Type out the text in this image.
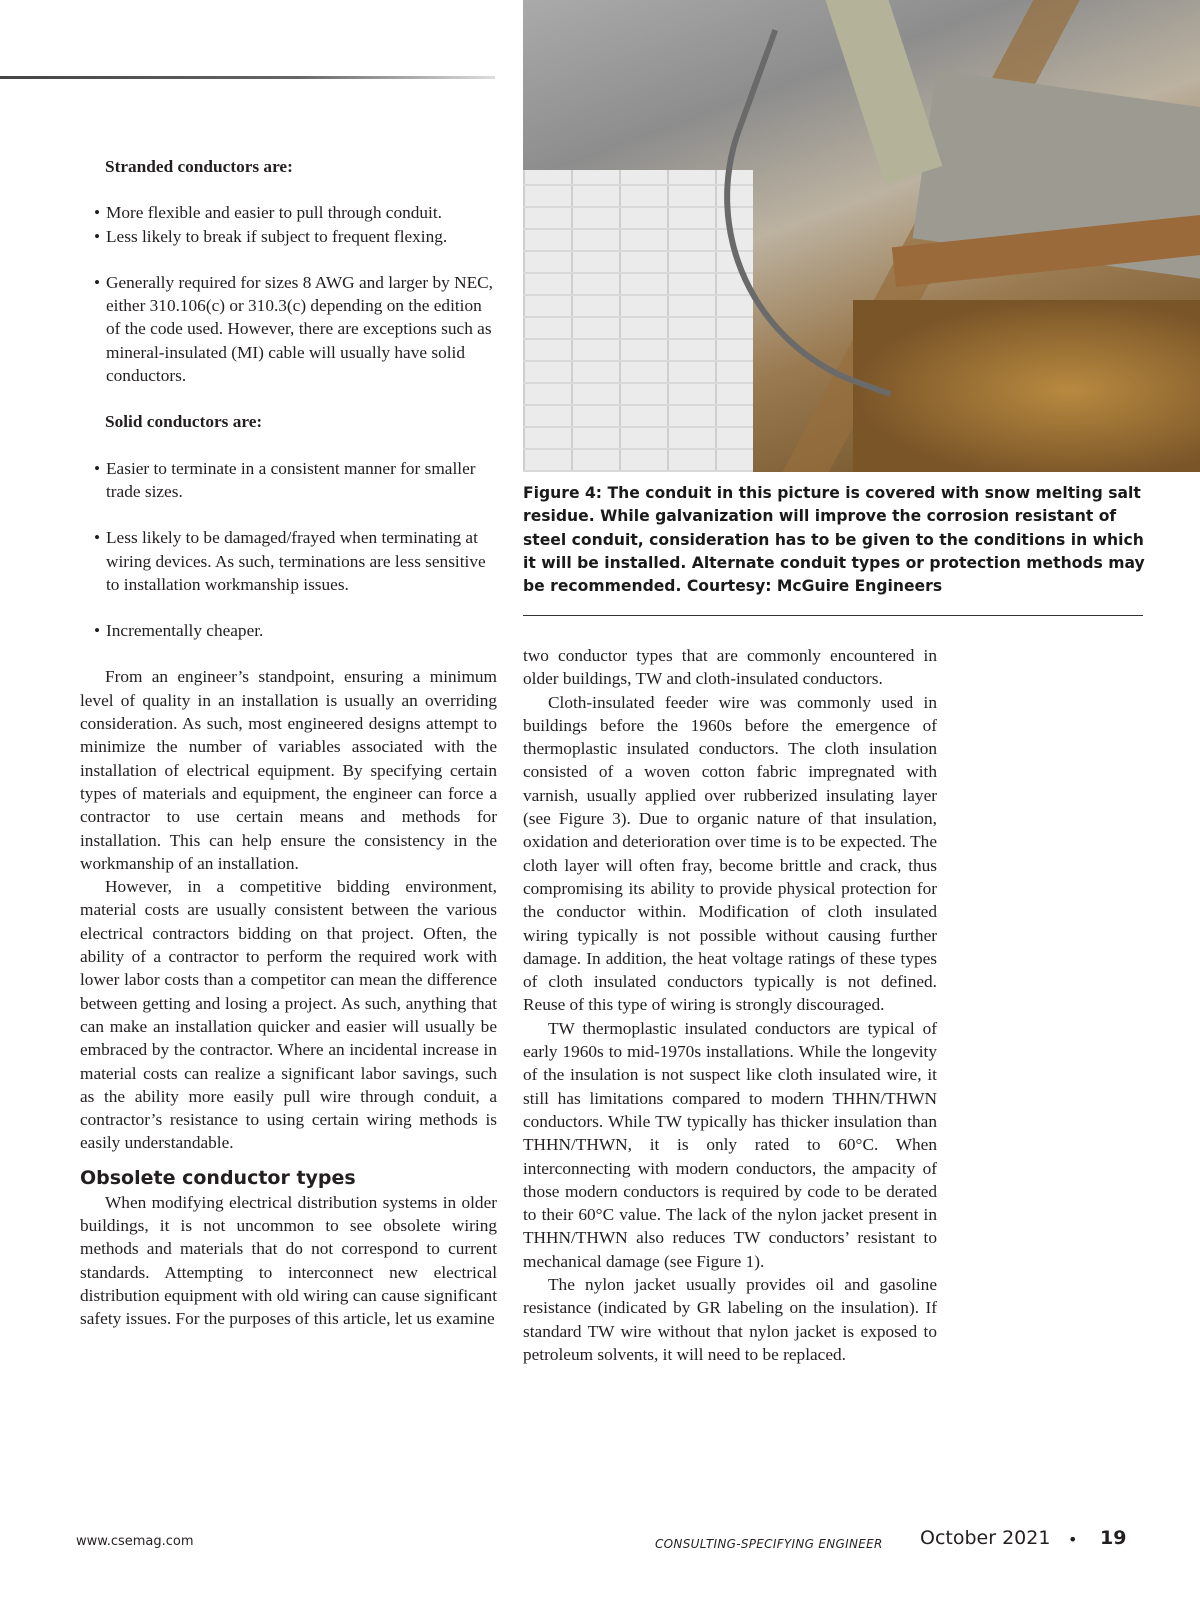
Figure 4: The conduit in this picture is covered with snow melting salt residue. While galvanization will improve the corrosion resistant of steel conduit, consideration has to be given to the conditions in which it will be installed. Alternate conduit types or protection methods may be recommended. Courtesy: McGuire Engineers

Stranded conductors are:

• More flexible and easier to pull through conduit.
• Less likely to break if subject to frequent flexing.
• Generally required for sizes 8 AWG and larger by NEC, either 310.106(c) or 310.3(c) depending on the edition of the code used. However, there are exceptions such as mineral-insulated (MI) cable will usually have solid conductors.

Solid conductors are:

• Easier to terminate in a consistent manner for smaller trade sizes.
• Less likely to be damaged/frayed when terminating at wiring devices. As such, terminations are less sensitive to installation workmanship issues.
• Incrementally cheaper.

From an engineer’s standpoint, ensuring a minimum level of quality in an installation is usually an overriding consideration. As such, most engineered designs attempt to minimize the number of variables associated with the installation of electrical equipment. By specifying certain types of materials and equipment, the engineer can force a contractor to use certain means and methods for installation. This can help ensure the consistency in the workmanship of an installation.

However, in a competitive bidding environment, material costs are usually consistent between the various electrical contractors bidding on that project. Often, the ability of a contractor to perform the required work with lower labor costs than a competitor can mean the difference between getting and losing a project. As such, anything that can make an installation quicker and easier will usually be embraced by the contractor. Where an incidental increase in material costs can realize a significant labor savings, such as the ability more easily pull wire through conduit, a contractor’s resistance to using certain wiring methods is easily understandable.

Obsolete conductor types

When modifying electrical distribution systems in older buildings, it is not uncommon to see obsolete wiring methods and materials that do not correspond to current standards. Attempting to interconnect new electrical distribution equipment with old wiring can cause significant safety issues. For the purposes of this article, let us examine

two conductor types that are commonly encountered in older buildings, TW and cloth-insulated conductors.

Cloth-insulated feeder wire was commonly used in buildings before the 1960s before the emergence of thermoplastic insulated conductors. The cloth insulation consisted of a woven cotton fabric impregnated with varnish, usually applied over rubberized insulating layer (see Figure 3). Due to organic nature of that insulation, oxidation and deterioration over time is to be expected. The cloth layer will often fray, become brittle and crack, thus compromising its ability to provide physical protection for the conductor within. Modification of cloth insulated wiring typically is not possible without causing further damage. In addition, the heat voltage ratings of these types of cloth insulated conductors typically is not defined. Reuse of this type of wiring is strongly discouraged.

TW thermoplastic insulated conductors are typical of early 1960s to mid-1970s installations. While the longevity of the insulation is not suspect like cloth insulated wire, it still has limitations compared to modern THHN/THWN conductors. While TW typically has thicker insulation than THHN/THWN, it is only rated to 60°C. When interconnecting with modern conductors, the ampacity of those modern conductors is required by code to be derated to their 60°C value. The lack of the nylon jacket present in THHN/THWN also reduces TW conductors’ resistant to mechanical damage (see Figure 1).

The nylon jacket usually provides oil and gasoline resistance (indicated by GR labeling on the insulation). If standard TW wire without that nylon jacket is exposed to petroleum solvents, it will need to be replaced.

www.csemag.com	CONSULTING-SPECIFYING ENGINEER October 2021 • 19
